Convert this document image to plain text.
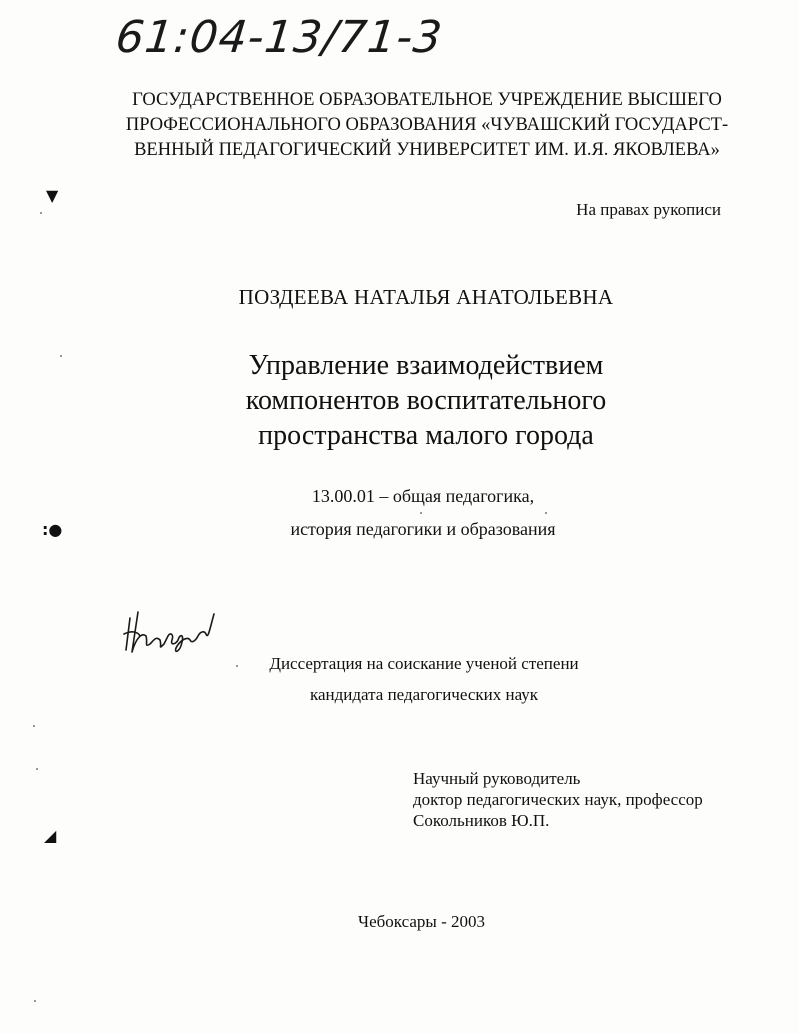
61:04-13/71-3
ГОСУДАРСТВЕННОЕ ОБРАЗОВАТЕЛЬНОЕ УЧРЕЖДЕНИЕ ВЫСШЕГО
ПРОФЕССИОНАЛЬНОГО ОБРАЗОВАНИЯ «ЧУВАШСКИЙ ГОСУДАРСТ-
ВЕННЫЙ ПЕДАГОГИЧЕСКИЙ УНИВЕРСИТЕТ ИМ. И.Я. ЯКОВЛЕВА»
▼
На правах рукописи
ПОЗДЕЕВА НАТАЛЬЯ АНАТОЛЬЕВНА
Управление взаимодействием
компонентов воспитательного
пространства малого города
13.00.01 – общая педагогика,
история педагогики и образования
:●
Диссертация на соискание ученой степени
кандидата педагогических наук
Научный руководитель
доктор педагогических наук, профессор
Сокольников Ю.П.
◢
Чебоксары - 2003
